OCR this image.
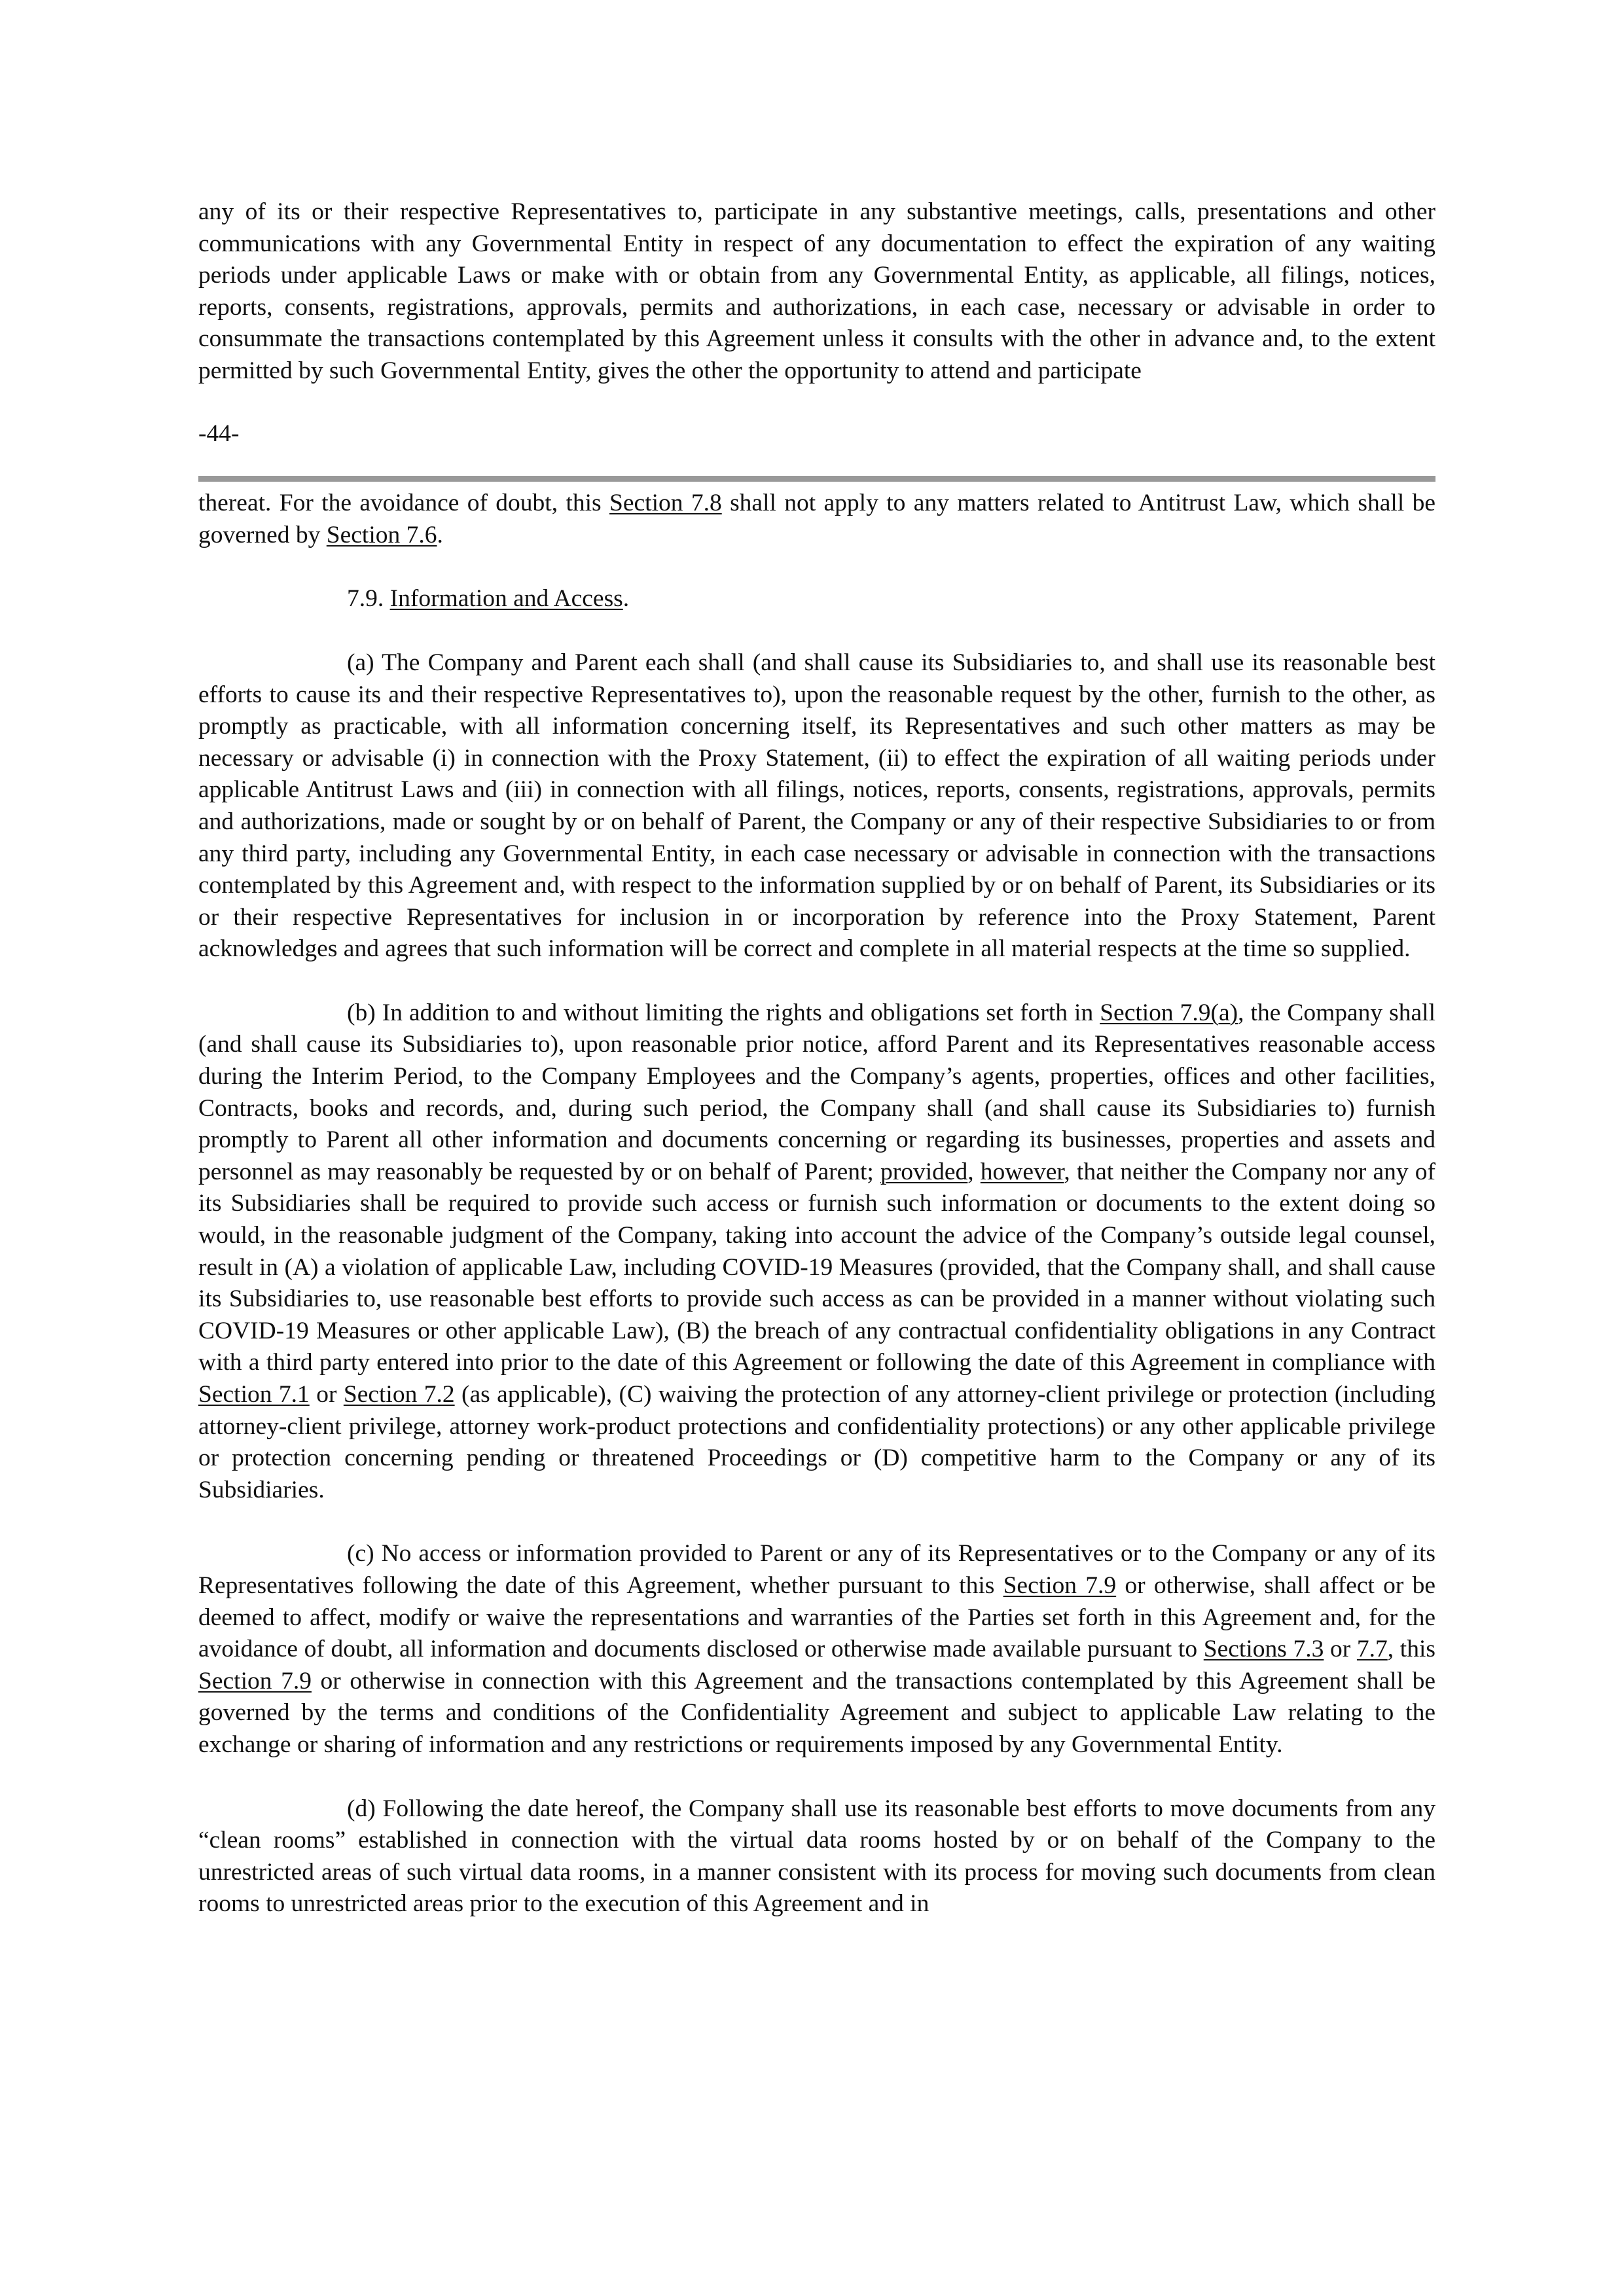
any of its or their respective Representatives to, participate in any substantive meetings, calls, presentations and other communications with any Governmental Entity in respect of any documentation to effect the expiration of any waiting periods under applicable Laws or make with or obtain from any Governmental Entity, as applicable, all filings, notices, reports, consents, registrations, approvals, permits and authorizations, in each case, necessary or advisable in order to consummate the transactions contemplated by this Agreement unless it consults with the other in advance and, to the extent permitted by such Governmental Entity, gives the other the opportunity to attend and participate

-44-

thereat. For the avoidance of doubt, this Section 7.8 shall not apply to any matters related to Antitrust Law, which shall be governed by Section 7.6.

7.9. Information and Access.

(a) The Company and Parent each shall (and shall cause its Subsidiaries to, and shall use its reasonable best efforts to cause its and their respective Representatives to), upon the reasonable request by the other, furnish to the other, as promptly as practicable, with all information concerning itself, its Representatives and such other matters as may be necessary or advisable (i) in connection with the Proxy Statement, (ii) to effect the expiration of all waiting periods under applicable Antitrust Laws and (iii) in connection with all filings, notices, reports, consents, registrations, approvals, permits and authorizations, made or sought by or on behalf of Parent, the Company or any of their respective Subsidiaries to or from any third party, including any Governmental Entity, in each case necessary or advisable in connection with the transactions contemplated by this Agreement and, with respect to the information supplied by or on behalf of Parent, its Subsidiaries or its or their respective Representatives for inclusion in or incorporation by reference into the Proxy Statement, Parent acknowledges and agrees that such information will be correct and complete in all material respects at the time so supplied.

(b) In addition to and without limiting the rights and obligations set forth in Section 7.9(a), the Company shall (and shall cause its Subsidiaries to), upon reasonable prior notice, afford Parent and its Representatives reasonable access during the Interim Period, to the Company Employees and the Company’s agents, properties, offices and other facilities, Contracts, books and records, and, during such period, the Company shall (and shall cause its Subsidiaries to) furnish promptly to Parent all other information and documents concerning or regarding its businesses, properties and assets and personnel as may reasonably be requested by or on behalf of Parent; provided, however, that neither the Company nor any of its Subsidiaries shall be required to provide such access or furnish such information or documents to the extent doing so would, in the reasonable judgment of the Company, taking into account the advice of the Company’s outside legal counsel, result in (A) a violation of applicable Law, including COVID-19 Measures (provided, that the Company shall, and shall cause its Subsidiaries to, use reasonable best efforts to provide such access as can be provided in a manner without violating such COVID-19 Measures or other applicable Law), (B) the breach of any contractual confidentiality obligations in any Contract with a third party entered into prior to the date of this Agreement or following the date of this Agreement in compliance with Section 7.1 or Section 7.2 (as applicable), (C) waiving the protection of any attorney-client privilege or protection (including attorney-client privilege, attorney work-product protections and confidentiality protections) or any other applicable privilege or protection concerning pending or threatened Proceedings or (D) competitive harm to the Company or any of its Subsidiaries.

(c) No access or information provided to Parent or any of its Representatives or to the Company or any of its Representatives following the date of this Agreement, whether pursuant to this Section 7.9 or otherwise, shall affect or be deemed to affect, modify or waive the representations and warranties of the Parties set forth in this Agreement and, for the avoidance of doubt, all information and documents disclosed or otherwise made available pursuant to Sections 7.3 or 7.7, this Section 7.9 or otherwise in connection with this Agreement and the transactions contemplated by this Agreement shall be governed by the terms and conditions of the Confidentiality Agreement and subject to applicable Law relating to the exchange or sharing of information and any restrictions or requirements imposed by any Governmental Entity.

(d) Following the date hereof, the Company shall use its reasonable best efforts to move documents from any “clean rooms” established in connection with the virtual data rooms hosted by or on behalf of the Company to the unrestricted areas of such virtual data rooms, in a manner consistent with its process for moving such documents from clean rooms to unrestricted areas prior to the execution of this Agreement and in
